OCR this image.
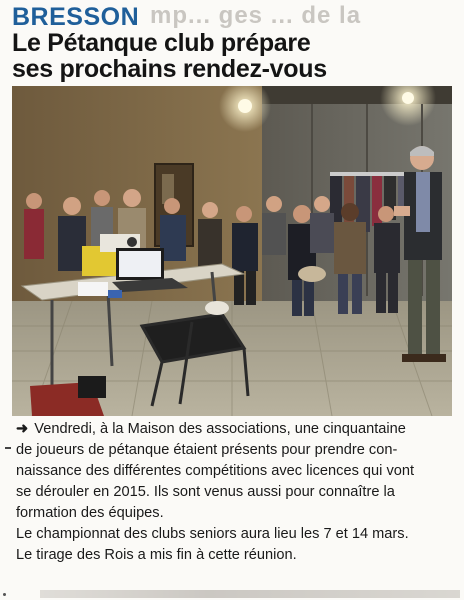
mp... ges ... de la
BRESSON
Le Pétanque club prépare
ses prochains rendez-vous

➜ Vendredi, à la Maison des associations, une cinquantaine

de joueurs de pétanque étaient présents pour prendre con-

naissance des différentes compétitions avec licences qui vont

se dérouler en 2015. Ils sont venus aussi pour connaître la

formation des équipes.

Le championnat des clubs seniors aura lieu les 7 et 14 mars.

Le tirage des Rois a mis fin à cette réunion.
